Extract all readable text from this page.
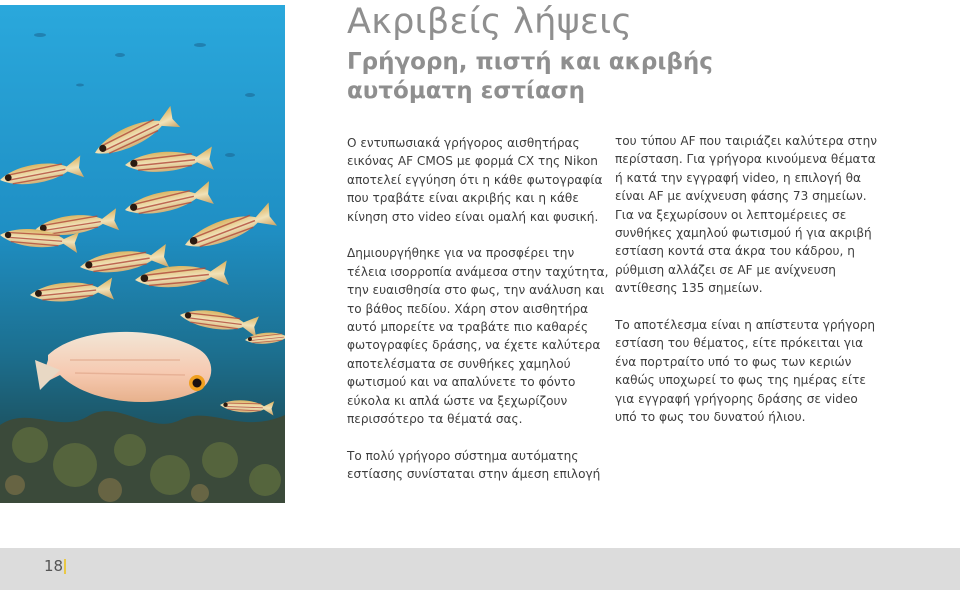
Ακριβείς λήψεις
Γρήγορη, πιστή και ακριβής αυτόματη εστίαση

Ο εντυπωσιακά γρήγορος αισθητήρας εικόνας AF CMOS με φορμά CX της Nikon αποτελεί εγγύηση ότι η κάθε φωτογραφία που τραβάτε είναι ακριβής και η κάθε κίνηση στο video είναι ομαλή και φυσική.

Δημιουργήθηκε για να προσφέρει την τέλεια ισορροπία ανάμεσα στην ταχύτητα, την ευαισθησία στο φως, την ανάλυση και το βάθος πεδίου. Χάρη στον αισθητήρα αυτό μπορείτε να τραβάτε πιο καθαρές φωτογραφίες δράσης, να έχετε καλύτερα αποτελέσματα σε συνθήκες χαμηλού φωτισμού και να απαλύνετε το φόντο εύκολα κι απλά ώστε να ξεχωρίζουν περισσότερο τα θέματά σας.

Το πολύ γρήγορο σύστημα αυτόματης εστίασης συνίσταται στην άμεση επιλογή

του τύπου AF που ταιριάζει καλύτερα στην περίσταση. Για γρήγορα κινούμενα θέματα ή κατά την εγγραφή video, η επιλογή θα είναι AF με ανίχνευση φάσης 73 σημείων. Για να ξεχωρίσουν οι λεπτομέρειες σε συνθήκες χαμηλού φωτισμού ή για ακριβή εστίαση κοντά στα άκρα του κάδρου, η ρύθμιση αλλάζει σε AF με ανίχνευση αντίθεσης 135 σημείων.

Το αποτέλεσμα είναι η απίστευτα γρήγορη εστίαση του θέματος, είτε πρόκειται για ένα πορτραίτο υπό το φως των κεριών καθώς υποχωρεί το φως της ημέρας είτε για εγγραφή γρήγορης δράσης σε video υπό το φως του δυνατού ήλιου.

18
